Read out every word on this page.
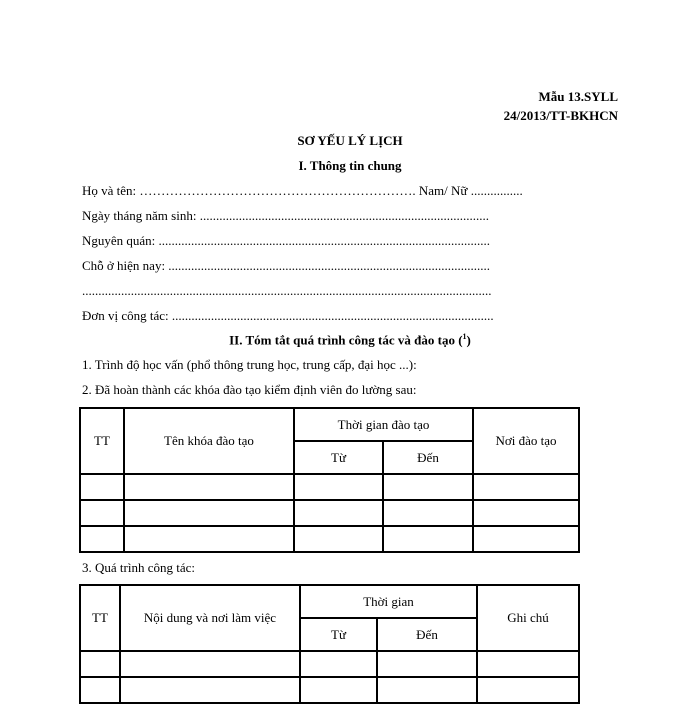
Mẫu 13.SYLL
24/2013/TT-BKHCN
SƠ YẾU LÝ LỊCH
I. Thông tin chung
Họ và tên: ………………………………………………………. Nam/ Nữ ................
Ngày tháng năm sinh: .........................................................................................
Nguyên quán: ......................................................................................................
Chỗ ở hiện nay: ...................................................................................................
..............................................................................................................................
Đơn vị công tác: ...................................................................................................
II. Tóm tắt quá trình công tác và đào tạo ($^1$)
1. Trình độ học vấn (phổ thông trung học, trung cấp, đại học ...):
2. Đã hoàn thành các khóa đào tạo kiểm định viên đo lường sau:
TT	Tên khóa đào tạo	Thời gian đào tạo		Nơi đào tạo
		Từ	Đến	

3. Quá trình công tác:
TT	Nội dung và nơi làm việc	Thời gian		Ghi chú
		Từ	Đến	
